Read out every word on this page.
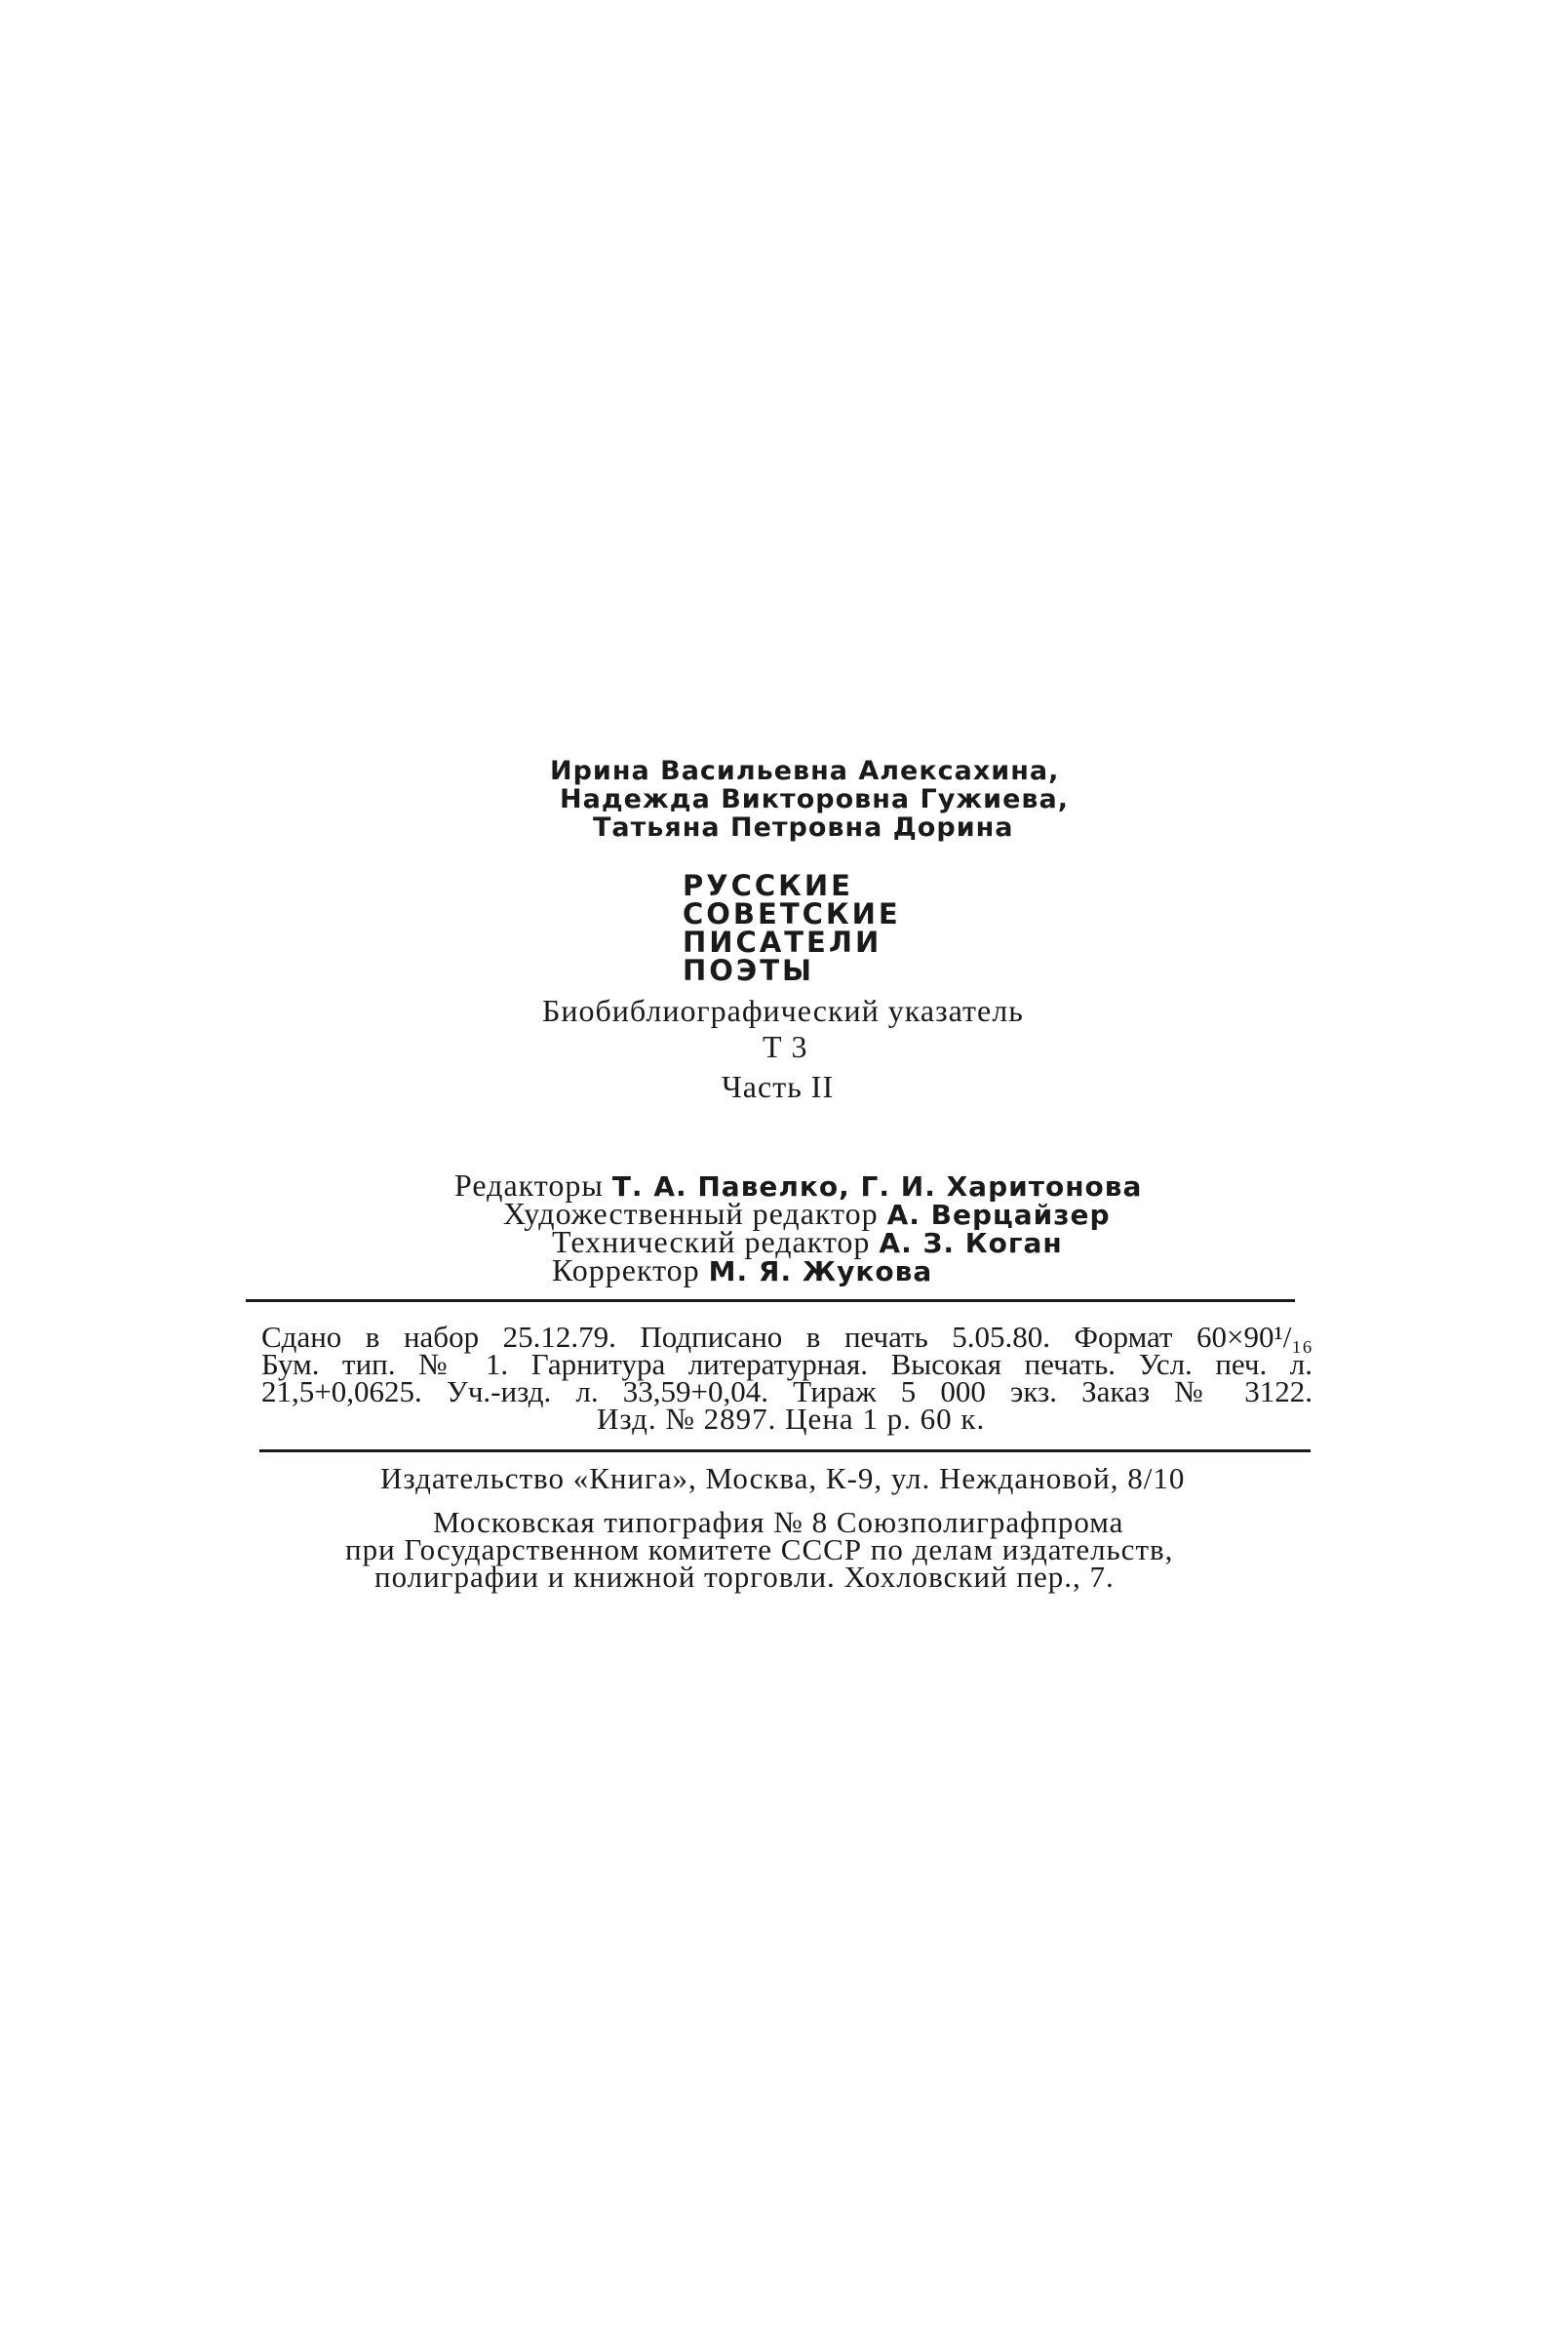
Ирина Васильевна Алексахина,
Надежда Викторовна Гужиева,
Татьяна Петровна Дорина
РУССКИЕ
СОВЕТСКИЕ
ПИСАТЕЛИ
ПОЭТЫ
Биобиблиографический указатель
Т 3
Часть II
Редакторы Т. А. Павелко, Г. И. Харитонова
Художественный редактор А. Верцайзер
Технический редактор А. З. Коган
Корректор М. Я. Жукова
Сдано в набор 25.12.79. Подписано в печать 5.05.80. Формат 60×90¹/₁₆
Бум. тип. № 1. Гарнитура литературная. Высокая печать. Усл. печ. л.
21,5+0,0625. Уч.-изд. л. 33,59+0,04. Тираж 5 000 экз. Заказ № 3122.
Изд. № 2897. Цена 1 р. 60 к.
Издательство «Книга», Москва, К-9, ул. Неждановой, 8/10
Московская типография № 8 Союзполиграфпрома
при Государственном комитете СССР по делам издательств,
полиграфии и книжной торговли. Хохловский пер., 7.
